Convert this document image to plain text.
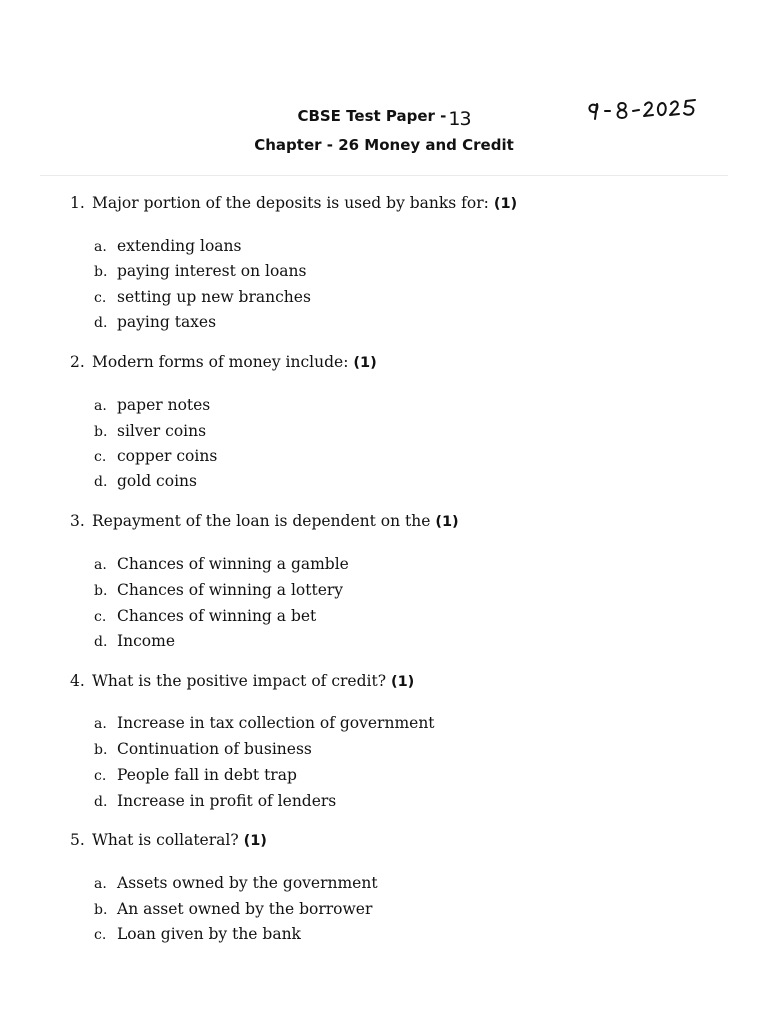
CBSE Test Paper - 13
Chapter - 26 Money and Credit
1. Major portion of the deposits is used by banks for: (1)
a. extending loans
b. paying interest on loans
c. setting up new branches
d. paying taxes
2. Modern forms of money include: (1)
a. paper notes
b. silver coins
c. copper coins
d. gold coins
3. Repayment of the loan is dependent on the (1)
a. Chances of winning a gamble
b. Chances of winning a lottery
c. Chances of winning a bet
d. Income
4. What is the positive impact of credit? (1)
a. Increase in tax collection of government
b. Continuation of business
c. People fall in debt trap
d. Increase in profit of lenders
5. What is collateral? (1)
a. Assets owned by the government
b. An asset owned by the borrower
c. Loan given by the bank
